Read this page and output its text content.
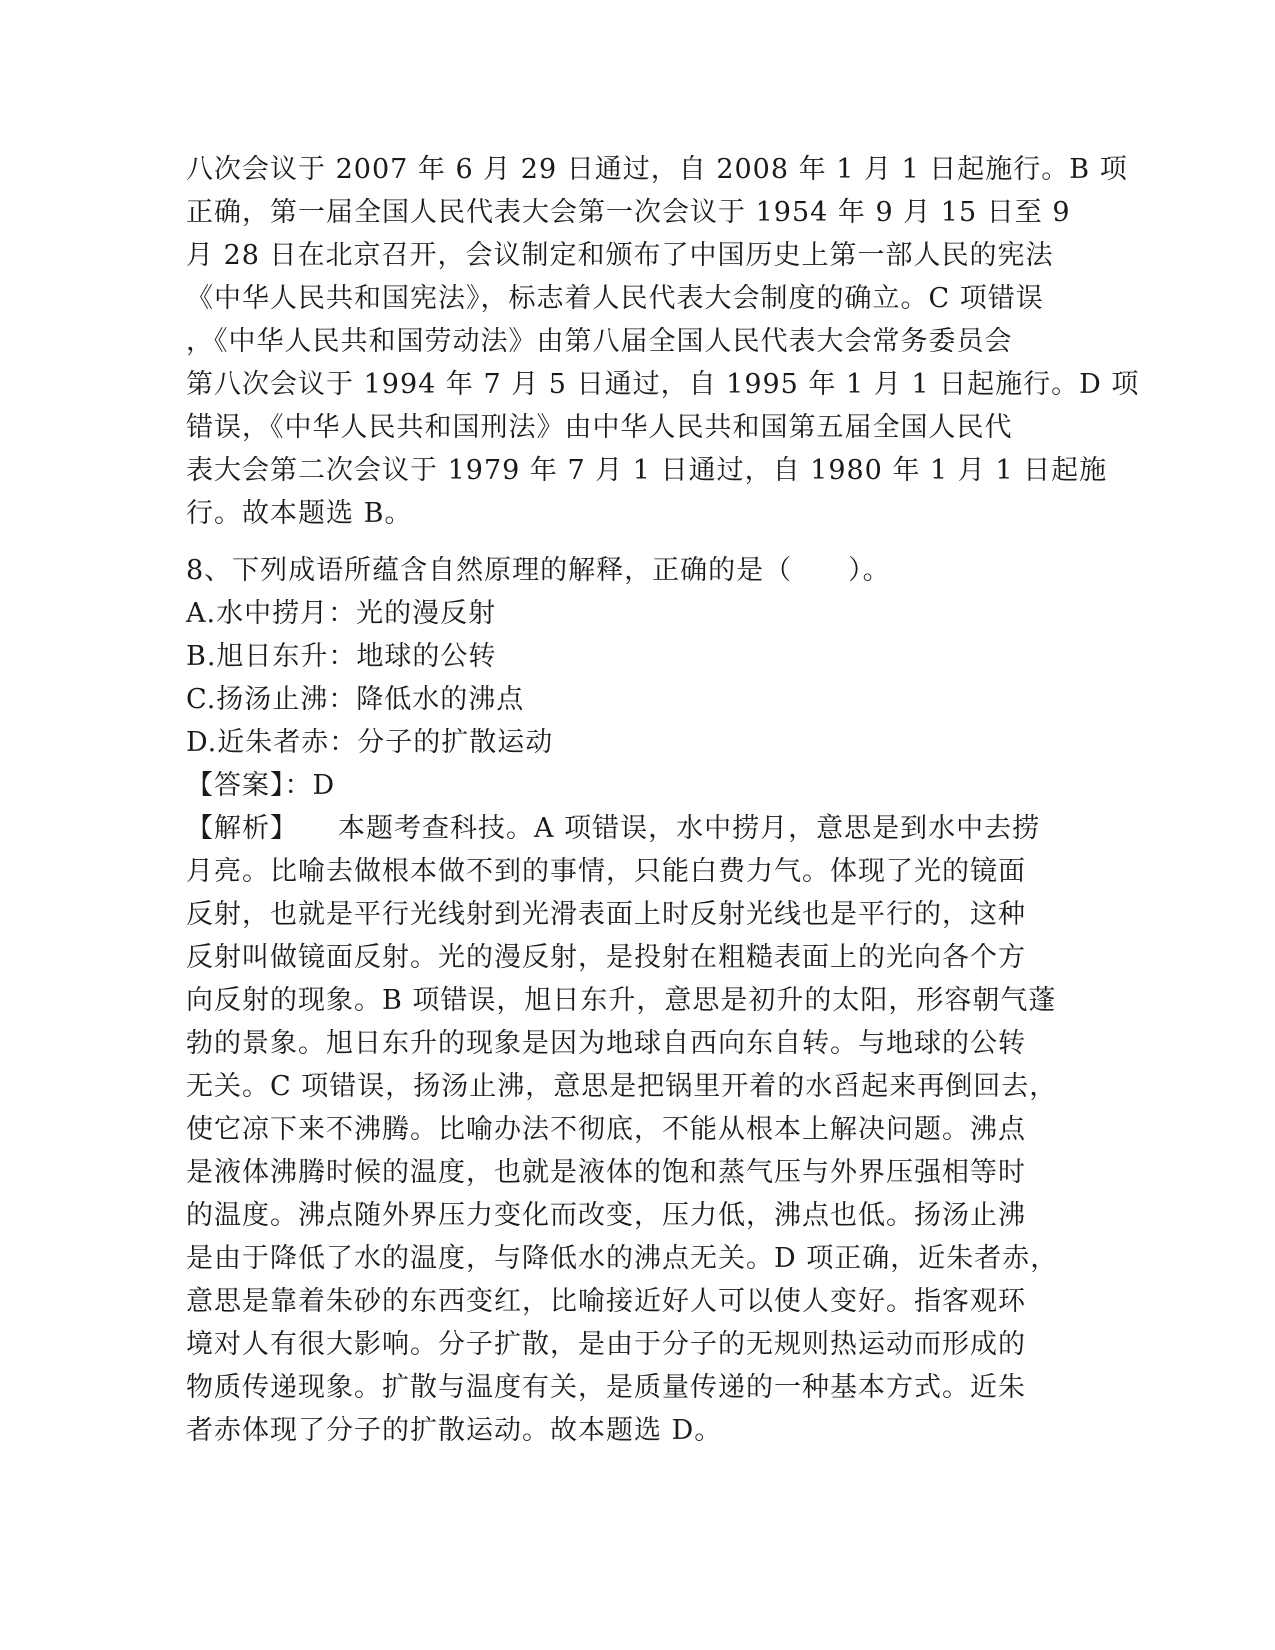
八次会议于 2007 年 6 月 29 日通过，自 2008 年 1 月 1 日起施行。B 项
正确，第一届全国人民代表大会第一次会议于 1954 年 9 月 15 日至 9
月 28 日在北京召开，会议制定和颁布了中国历史上第一部人民的宪法
《中华人民共和国宪法》，标志着人民代表大会制度的确立。C 项错误
，《中华人民共和国劳动法》由第八届全国人民代表大会常务委员会
第八次会议于 1994 年 7 月 5 日通过，自 1995 年 1 月 1 日起施行。D 项
错误，《中华人民共和国刑法》由中华人民共和国第五届全国人民代
表大会第二次会议于 1979 年 7 月 1 日通过，自 1980 年 1 月 1 日起施
行。故本题选 B。
8、下列成语所蕴含自然原理的解释，正确的是（　　）。
A.水中捞月：光的漫反射
B.旭日东升：地球的公转
C.扬汤止沸：降低水的沸点
D.近朱者赤：分子的扩散运动
【答案】：D
【解析】 本题考查科技。A 项错误，水中捞月，意思是到水中去捞
月亮。比喻去做根本做不到的事情，只能白费力气。体现了光的镜面
反射，也就是平行光线射到光滑表面上时反射光线也是平行的，这种
反射叫做镜面反射。光的漫反射，是投射在粗糙表面上的光向各个方
向反射的现象。B 项错误，旭日东升，意思是初升的太阳，形容朝气蓬
勃的景象。旭日东升的现象是因为地球自西向东自转。与地球的公转
无关。C 项错误，扬汤止沸，意思是把锅里开着的水舀起来再倒回去，
使它凉下来不沸腾。比喻办法不彻底，不能从根本上解决问题。沸点
是液体沸腾时候的温度，也就是液体的饱和蒸气压与外界压强相等时
的温度。沸点随外界压力变化而改变，压力低，沸点也低。扬汤止沸
是由于降低了水的温度，与降低水的沸点无关。D 项正确，近朱者赤，
意思是靠着朱砂的东西变红，比喻接近好人可以使人变好。指客观环
境对人有很大影响。分子扩散，是由于分子的无规则热运动而形成的
物质传递现象。扩散与温度有关，是质量传递的一种基本方式。近朱
者赤体现了分子的扩散运动。故本题选 D。
